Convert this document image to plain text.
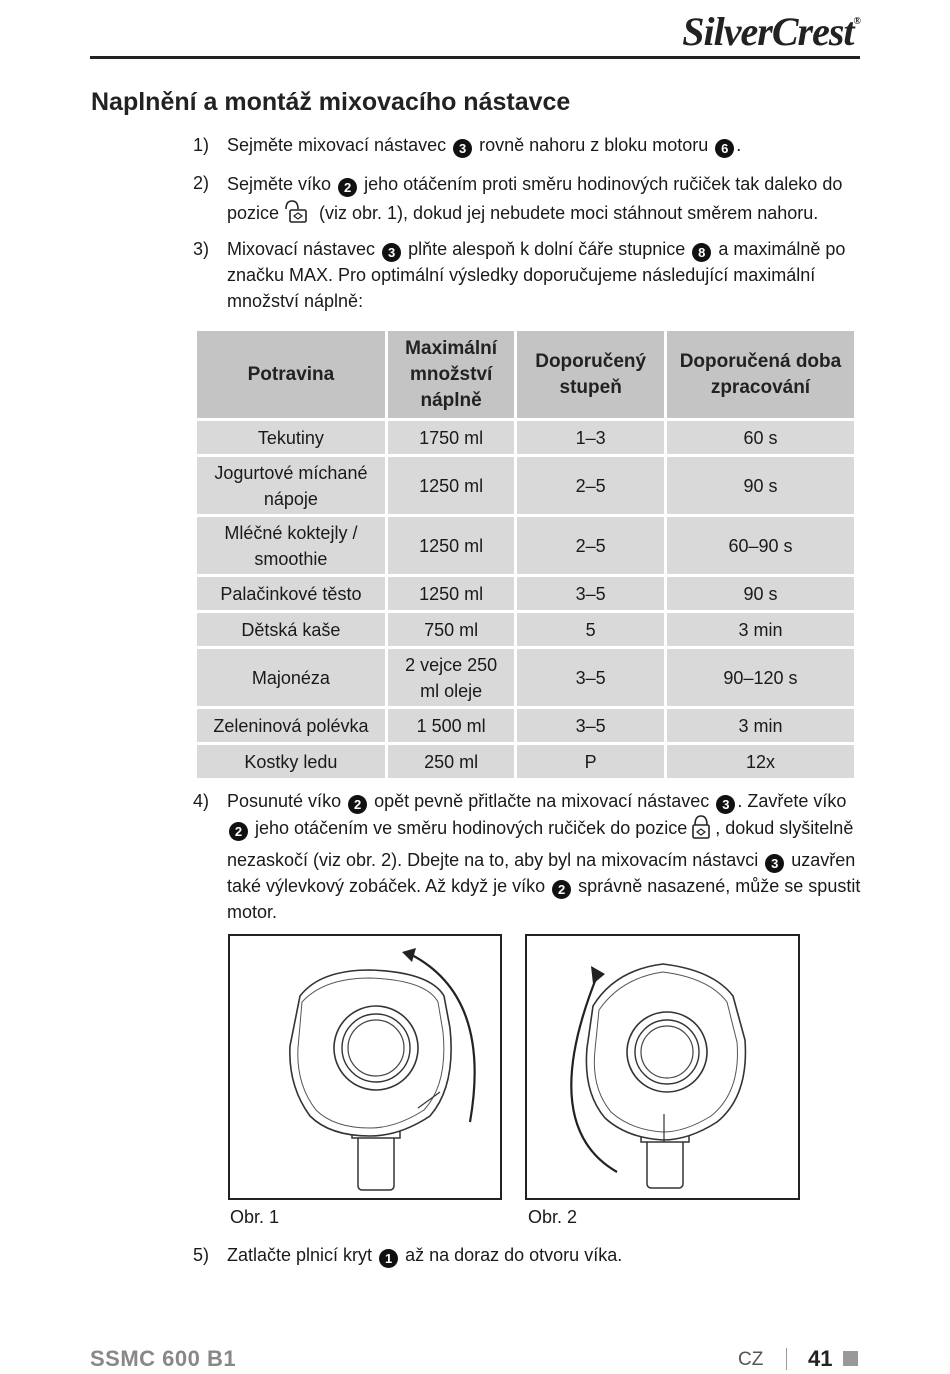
SilverCrest®
Naplnění a montáž mixovacího nástavce
1) Sejměte mixovací nástavec 3 rovně nahoru z bloku motoru 6 .
2) Sejměte víko 2 jeho otáčením proti směru hodinových ručiček tak daleko do pozice (viz obr. 1), dokud jej nebudete moci stáhnout směrem nahoru.
3) Mixovací nástavec 3 plňte alespoň k dolní čáře stupnice 8 a maximálně po značku MAX. Pro optimální výsledky doporučujeme následující maximální množství náplně:
Potravina	Maximální množství náplně	Doporučený stupeň	Doporučená doba zpracování
Tekutiny	1750 ml	1–3	60 s
Jogurtové míchané nápoje	1250 ml	2–5	90 s
Mléčné koktejly / smoothie	1250 ml	2–5	60–90 s
Palačinkové těsto	1250 ml	3–5	90 s
Dětská kaše	750 ml	5	3 min
Majonéza	2 vejce 250 ml oleje	3–5	90–120 s
Zeleninová polévka	1 500 ml	3–5	3 min
Kostky ledu	250 ml	P	12x
4) Posunuté víko 2 opět pevně přitlačte na mixovací nástavec 3 . Zavřete víko 2 jeho otáčením ve směru hodinových ručiček do pozice , dokud slyšitelně nezaskočí (viz obr. 2). Dbejte na to, aby byl na mixovacím nástavci 3 uzavřen také výlevkový zobáček. Až když je víko 2 správně nasazené, může se spustit motor.
Obr. 1	Obr. 2
5) Zatlačte plnicí kryt 1 až na doraz do otvoru víka.
SSMC 600 B1	CZ 41
